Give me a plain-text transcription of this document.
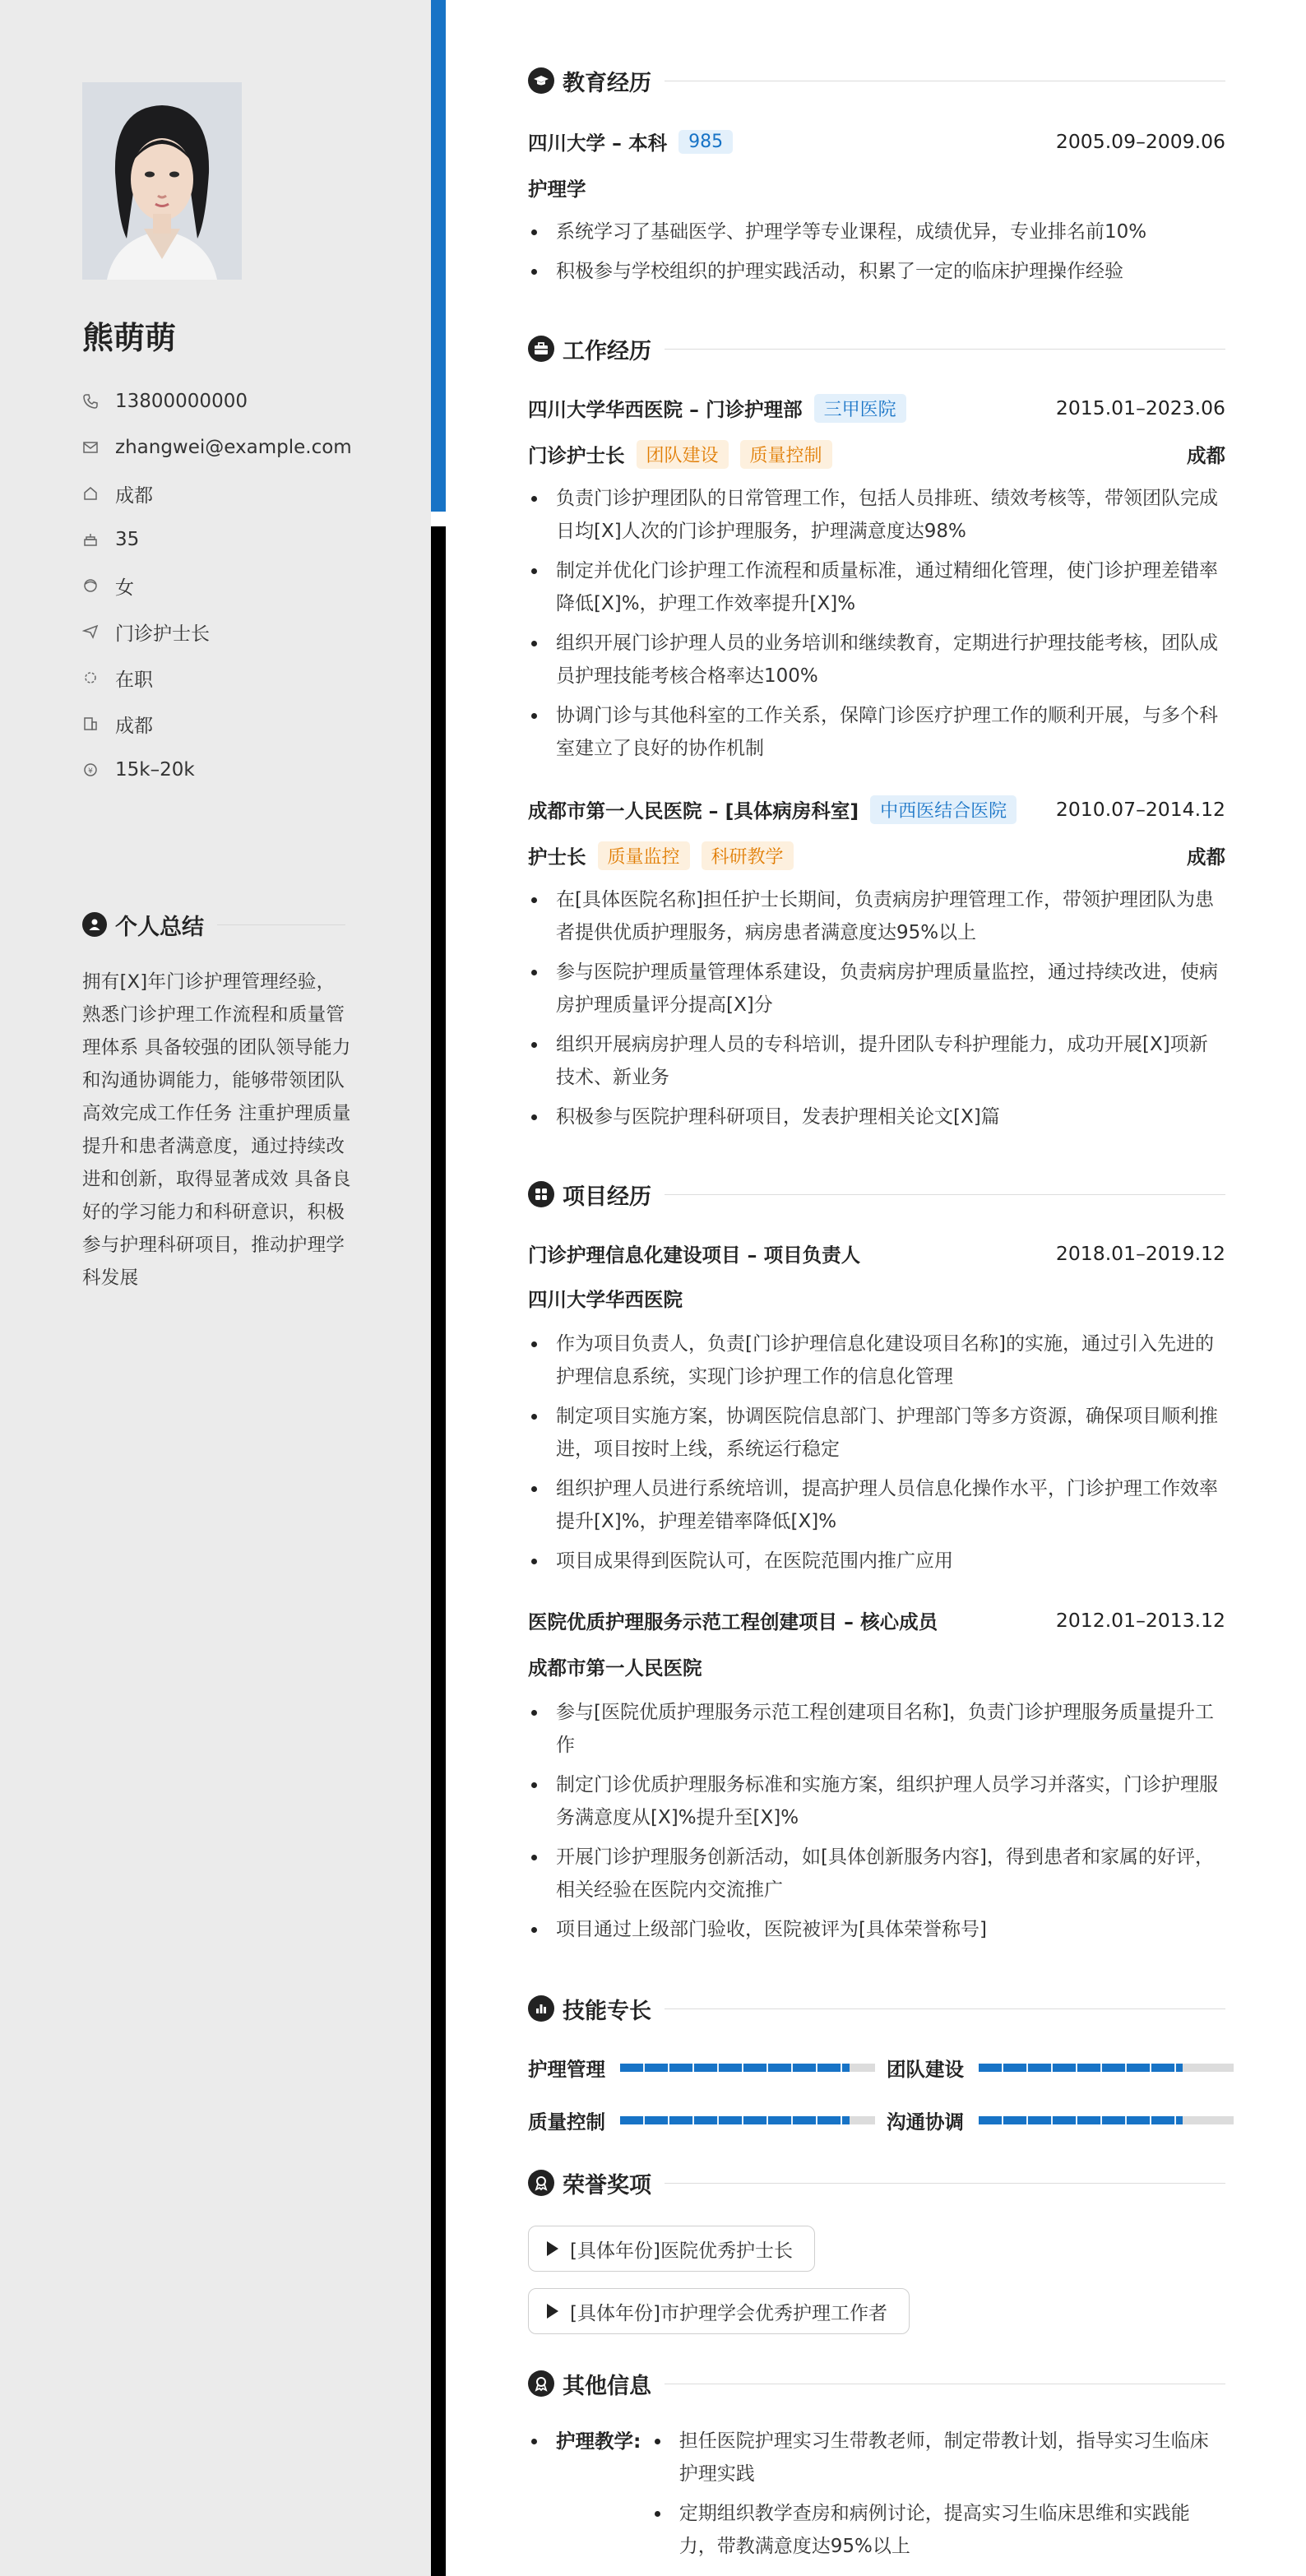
熊萌萌
13800000000
zhangwei@example.com
成都
35
女
门诊护士长
在职
成都
¥ 15k–20k
个人总结
拥有[X]年门诊护理管理经验，熟悉门诊护理工作流程和质量管理体系 具备较强的团队领导能力和沟通协调能力，能够带领团队高效完成工作任务 注重护理质量提升和患者满意度，通过持续改进和创新，取得显著成效 具备良好的学习能力和科研意识，积极参与护理科研项目，推动护理学科发展
教育经历
四川大学 – 本科	985	2005.09–2009.06
护理学
系统学习了基础医学、护理学等专业课程，成绩优异，专业排名前10%
积极参与学校组织的护理实践活动，积累了一定的临床护理操作经验
工作经历
四川大学华西医院 – 门诊护理部	三甲医院	2015.01–2023.06
门诊护士长	团队建设	质量控制	成都
负责门诊护理团队的日常管理工作，包括人员排班、绩效考核等，带领团队完成日均[X]人次的门诊护理服务，护理满意度达98%
制定并优化门诊护理工作流程和质量标准，通过精细化管理，使门诊护理差错率降低[X]%，护理工作效率提升[X]%
组织开展门诊护理人员的业务培训和继续教育，定期进行护理技能考核，团队成员护理技能考核合格率达100%
协调门诊与其他科室的工作关系，保障门诊医疗护理工作的顺利开展，与多个科室建立了良好的协作机制
成都市第一人民医院 – [具体病房科室]	中西医结合医院	2010.07–2014.12
护士长	质量监控	科研教学	成都
在[具体医院名称]担任护士长期间，负责病房护理管理工作，带领护理团队为患者提供优质护理服务，病房患者满意度达95%以上
参与医院护理质量管理体系建设，负责病房护理质量监控，通过持续改进，使病房护理质量评分提高[X]分
组织开展病房护理人员的专科培训，提升团队专科护理能力，成功开展[X]项新技术、新业务
积极参与医院护理科研项目，发表护理相关论文[X]篇
项目经历
门诊护理信息化建设项目 – 项目负责人	2018.01–2019.12
四川大学华西医院
作为项目负责人，负责[门诊护理信息化建设项目名称]的实施，通过引入先进的护理信息系统，实现门诊护理工作的信息化管理
制定项目实施方案，协调医院信息部门、护理部门等多方资源，确保项目顺利推进，项目按时上线，系统运行稳定
组织护理人员进行系统培训，提高护理人员信息化操作水平，门诊护理工作效率提升[X]%，护理差错率降低[X]%
项目成果得到医院认可，在医院范围内推广应用
医院优质护理服务示范工程创建项目 – 核心成员	2012.01–2013.12
成都市第一人民医院
参与[医院优质护理服务示范工程创建项目名称]，负责门诊护理服务质量提升工作
制定门诊优质护理服务标准和实施方案，组织护理人员学习并落实，门诊护理服务满意度从[X]%提升至[X]%
开展门诊护理服务创新活动，如[具体创新服务内容]，得到患者和家属的好评，相关经验在医院内交流推广
项目通过上级部门验收，医院被评为[具体荣誉称号]
技能专长
护理管理	团队建设
质量控制	沟通协调
荣誉奖项
[具体年份]医院优秀护士长
[具体年份]市护理学会优秀护理工作者
其他信息
护理教学:	担任医院护理实习生带教老师，制定带教计划，指导实习生临床护理实践
定期组织教学查房和病例讨论，提高实习生临床思维和实践能力，带教满意度达95%以上
